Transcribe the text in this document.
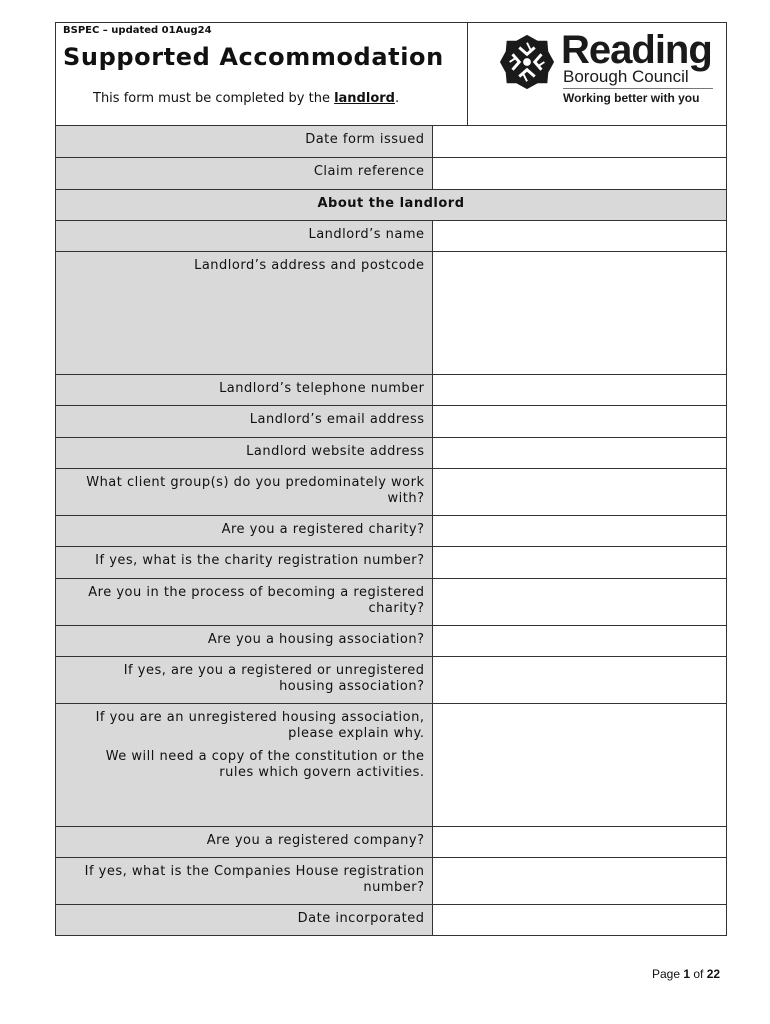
BSPEC – updated 01Aug24
Supported Accommodation
This form must be completed by the landlord.
Reading
Borough Council
Working better with you
Date form issued	
Claim reference	
About the landlord	
Landlord’s name	
Landlord’s address and postcode	
Landlord’s telephone number	
Landlord’s email address	
Landlord website address	
What client group(s) do you predominately work with?	
Are you a registered charity?	
If yes, what is the charity registration number?	
Are you in the process of becoming a registered charity?	
Are you a housing association?	
If yes, are you a registered or unregistered housing association?	

If you are an unregistered housing association, please explain why.
We will need a copy of the constitution or the rules which govern activities.	

Are you a registered company?	
If yes, what is the Companies House registration number?	
Date incorporated	
Page 1 of 22
